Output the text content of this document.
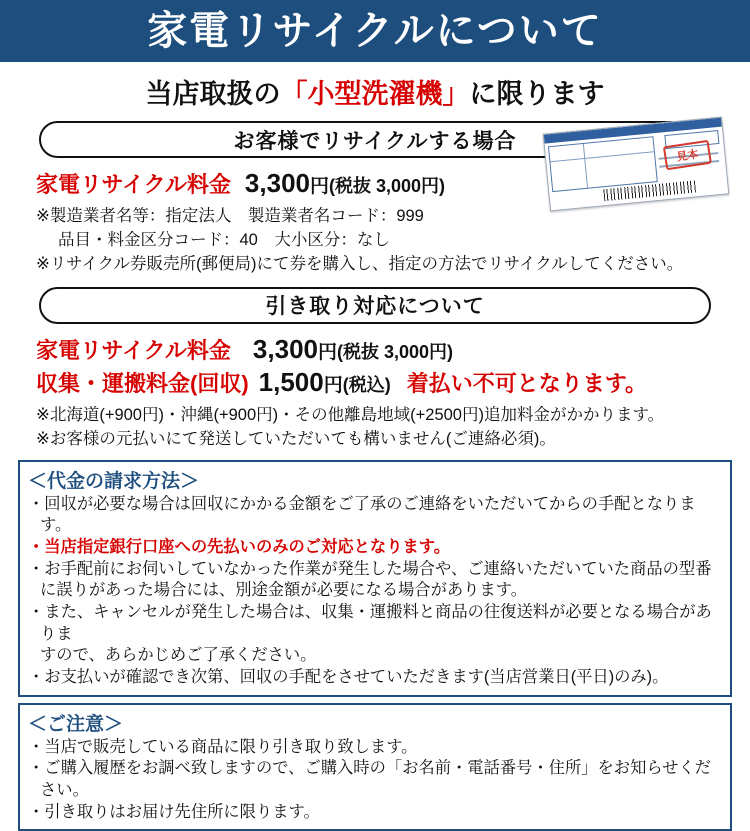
家電リサイクルについて
当店取扱の「小型洗濯機」に限ります
お客様でリサイクルする場合
見本
家電リサイクル料金 3,300 円 (税抜 3,000円)
※製造業者名等：指定法人　製造業者名コード：999
品目・料金区分コード：40　大小区分：なし
※リサイクル券販売所(郵便局)にて券を購入し、指定の方法でリサイクルしてください。
引き取り対応について
家電リサイクル料金 3,300 円 (税抜 3,000円)
収集・運搬料金(回収) 1,500 円 (税込) 着払い不可となります。
※北海道(+900円)・沖縄(+900円)・その他離島地域(+2500円)追加料金がかかります。
※お客様の元払いにて発送していただいても構いません(ご連絡必須)。
＜代金の請求方法＞
・回収が必要な場合は回収にかかる金額をご了承のご連絡をいただいてからの手配となります。
・当店指定銀行口座への先払いのみのご対応となります。
・お手配前にお伺いしていなかった作業が発生した場合や、ご連絡いただいていた商品の型番
に誤りがあった場合には、別途金額が必要になる場合があります。
・また、キャンセルが発生した場合は、収集・運搬料と商品の往復送料が必要となる場合がありま
すので、あらかじめご了承ください。
・お支払いが確認でき次第、回収の手配をさせていただきます(当店営業日(平日)のみ)。
＜ご注意＞
・当店で販売している商品に限り引き取り致します。
・ご購入履歴をお調べ致しますので、ご購入時の「お名前・電話番号・住所」をお知らせください。
・引き取りはお届け先住所に限ります。
